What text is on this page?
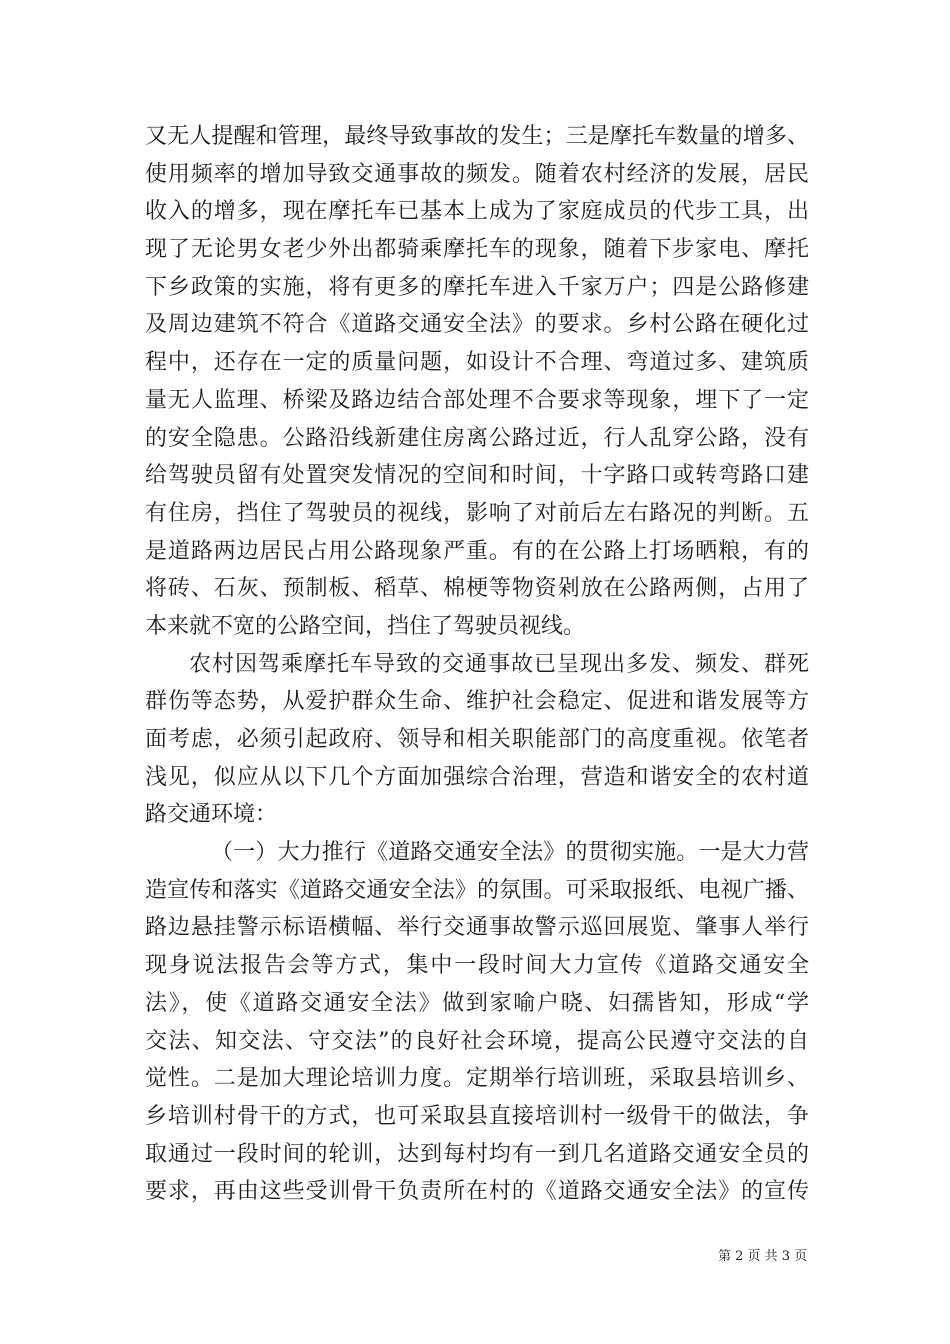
又无人提醒和管理，最终导致事故的发生；三是摩托车数量的增多、
使用频率的增加导致交通事故的频发。随着农村经济的发展，居民
收入的增多，现在摩托车已基本上成为了家庭成员的代步工具，出
现了无论男女老少外出都骑乘摩托车的现象，随着下步家电、摩托
下乡政策的实施，将有更多的摩托车进入千家万户；四是公路修建
及周边建筑不符合《道路交通安全法》的要求。乡村公路在硬化过
程中，还存在一定的质量问题，如设计不合理、弯道过多、建筑质
量无人监理、桥梁及路边结合部处理不合要求等现象，埋下了一定
的安全隐患。公路沿线新建住房离公路过近，行人乱穿公路，没有
给驾驶员留有处置突发情况的空间和时间，十字路口或转弯路口建
有住房，挡住了驾驶员的视线，影响了对前后左右路况的判断。五
是道路两边居民占用公路现象严重。有的在公路上打场晒粮，有的
将砖、石灰、预制板、稻草、棉梗等物资剁放在公路两侧，占用了
本来就不宽的公路空间，挡住了驾驶员视线。
农村因驾乘摩托车导致的交通事故已呈现出多发、频发、群死
群伤等态势，从爱护群众生命、维护社会稳定、促进和谐发展等方
面考虑，必须引起政府、领导和相关职能部门的高度重视。依笔者
浅见，似应从以下几个方面加强综合治理，营造和谐安全的农村道
路交通环境：
（一）大力推行《道路交通安全法》的贯彻实施。一是大力营
造宣传和落实《道路交通安全法》的氛围。可采取报纸、电视广播、
路边悬挂警示标语横幅、举行交通事故警示巡回展览、肇事人举行
现身说法报告会等方式，集中一段时间大力宣传《道路交通安全
法》，使《道路交通安全法》做到家喻户晓、妇孺皆知，形成“学
交法、知交法、守交法”的良好社会环境，提高公民遵守交法的自
觉性。二是加大理论培训力度。定期举行培训班，采取县培训乡、
乡培训村骨干的方式，也可采取县直接培训村一级骨干的做法，争
取通过一段时间的轮训，达到每村均有一到几名道路交通安全员的
要求，再由这些受训骨干负责所在村的《道路交通安全法》的宣传
第 2 页 共 3 页
